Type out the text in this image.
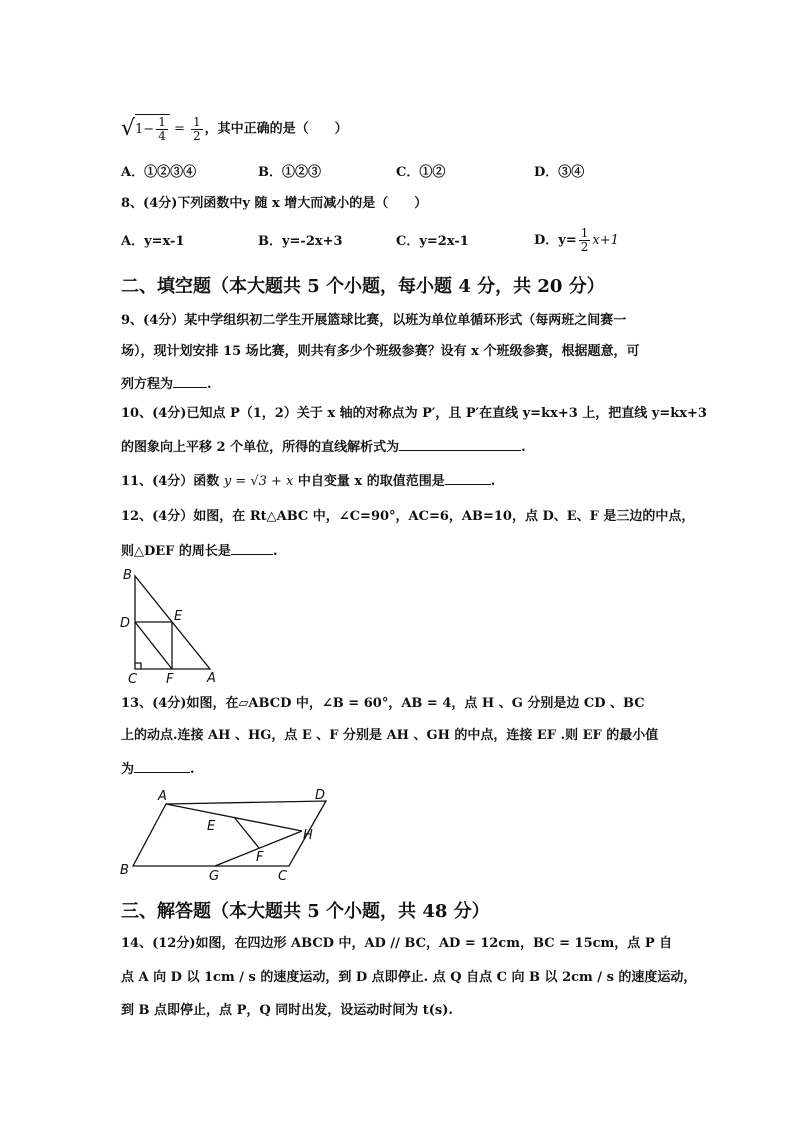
$√1- \frac{1}{4} = \frac{1}{2}$ ，其中正确的是（　　）
A．①②③④	B．①②③	C．①②	D．③④
8、(4分)下列函数中y 随 x 增大而减小的是（　　）
A．y=x-1	B．y=-2x+3	C．y=2x-1	D．$y= \frac{1}{2} x+1$
二、填空题（本大题共 5 个小题，每小题 4 分，共 20 分）
9、(4分）某中学组织初二学生开展篮球比赛，以班为单位单循环形式（每两班之间赛一
场），现计划安排 15 场比赛，则共有多少个班级参赛？设有 x 个班级参赛，根据题意，可
列方程为	.
10、(4分)已知点 P（1，2）关于 x 轴的对称点为 P′，且 P′在直线 y=kx+3 上，把直线 y=kx+3
的图象向上平移 2 个单位，所得的直线解析式为	.
11、(4分）函数 y = √3 + x 中自变量 x 的取值范围是	.
12、(4分）如图，在 Rt△ABC 中，∠C=90°，AC=6，AB=10，点 D、E、F 是三边的中点，
则△DEF 的周长是	.
B
D	E
C F	A
13、(4分)如图，在▱ABCD 中，∠B = 60°，AB = 4，点 H 、G 分别是边 CD 、BC
上的动点.连接 AH 、HG，点 E 、F 分别是 AH 、GH 的中点，连接 EF .则 EF 的最小值
为	.
A	D
E
H
F
B	G	C
三、解答题（本大题共 5 个小题，共 48 分）
14、(12分)如图，在四边形 ABCD 中，AD // BC，AD = 12cm，BC = 15cm，点 P 自
点 A 向 D 以 1cm / s 的速度运动，到 D 点即停止. 点 Q 自点 C 向 B 以 2cm / s 的速度运动，
到 B 点即停止，点 P，Q 同时出发，设运动时间为 t(s).
